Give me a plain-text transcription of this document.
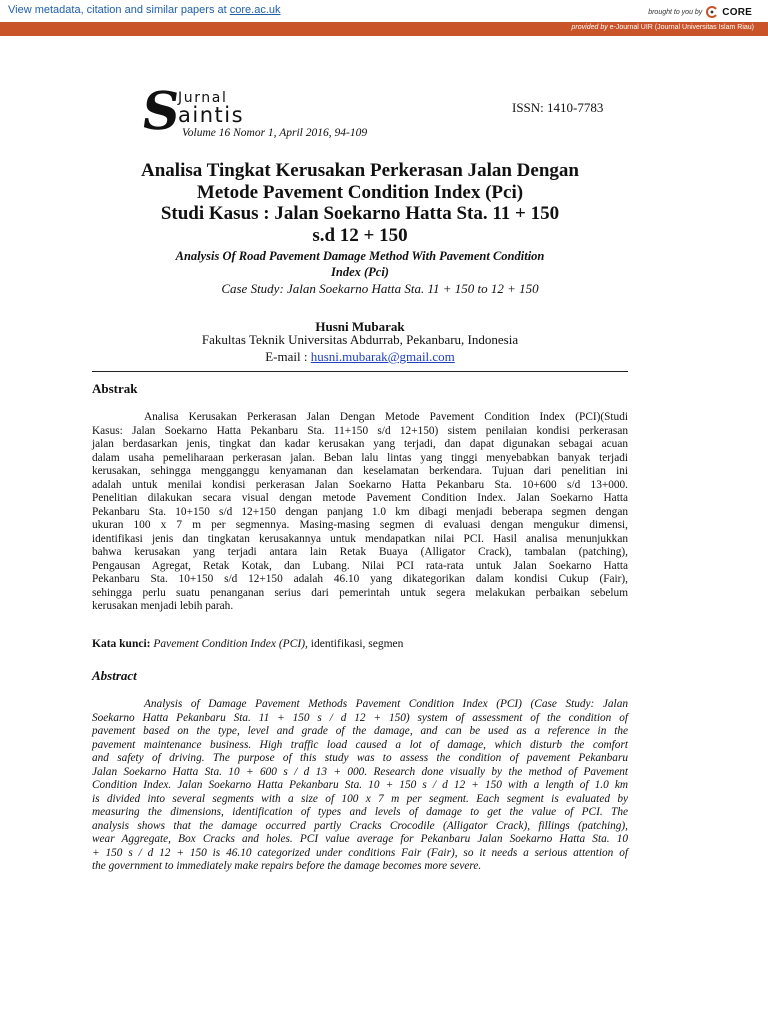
View metadata, citation and similar papers at core.ac.uk	brought to you by CORE
provided by e-Journal UIR (Journal Universitas Islam Riau)
S
Jurnal
aintis
Volume 16 Nomor 1, April 2016, 94-109
ISSN: 1410-7783
Analisa Tingkat Kerusakan Perkerasan Jalan Dengan
Metode Pavement Condition Index (Pci)
Studi Kasus : Jalan Soekarno Hatta Sta. 11 + 150
s.d 12 + 150
Analysis Of Road Pavement Damage Method With Pavement Condition
Index (Pci)
Case Study: Jalan Soekarno Hatta Sta. 11 + 150 to 12 + 150
Husni Mubarak
Fakultas Teknik Universitas Abdurrab, Pekanbaru, Indonesia
E-mail : husni.mubarak@gmail.com
Abstrak
Analisa Kerusakan Perkerasan Jalan Dengan Metode Pavement Condition Index (PCI)(Studi
Kasus: Jalan Soekarno Hatta Pekanbaru Sta. 11+150 s/d 12+150) sistem penilaian kondisi perkerasan
jalan berdasarkan jenis, tingkat dan kadar kerusakan yang terjadi, dan dapat digunakan sebagai acuan
dalam usaha pemeliharaan perkerasan jalan. Beban lalu lintas yang tinggi menyebabkan banyak terjadi
kerusakan, sehingga mengganggu kenyamanan dan keselamatan berkendara. Tujuan dari penelitian ini
adalah untuk menilai kondisi perkerasan Jalan Soekarno Hatta Pekanbaru Sta. 10+600 s/d 13+000.
Penelitian dilakukan secara visual dengan metode Pavement Condition Index. Jalan Soekarno Hatta
Pekanbaru Sta. 10+150 s/d 12+150 dengan panjang 1.0 km dibagi menjadi beberapa segmen dengan
ukuran 100 x 7 m per segmennya. Masing-masing segmen di evaluasi dengan mengukur dimensi,
identifikasi jenis dan tingkatan kerusakannya untuk mendapatkan nilai PCI. Hasil analisa menunjukkan
bahwa kerusakan yang terjadi antara lain Retak Buaya (Alligator Crack), tambalan (patching),
Pengausan Agregat, Retak Kotak, dan Lubang. Nilai PCI rata-rata untuk Jalan Soekarno Hatta
Pekanbaru Sta. 10+150 s/d 12+150 adalah 46.10 yang dikategorikan dalam kondisi Cukup (Fair),
sehingga perlu suatu penanganan serius dari pemerintah untuk segera melakukan perbaikan sebelum
kerusakan menjadi lebih parah.
Kata kunci: Pavement Condition Index (PCI), identifikasi, segmen
Abstract
Analysis of Damage Pavement Methods Pavement Condition Index (PCI) (Case Study: Jalan
Soekarno Hatta Pekanbaru Sta. 11 + 150 s / d 12 + 150) system of assessment of the condition of
pavement based on the type, level and grade of the damage, and can be used as a reference in the
pavement maintenance business. High traffic load caused a lot of damage, which disturb the comfort
and safety of driving. The purpose of this study was to assess the condition of pavement Pekanbaru
Jalan Soekarno Hatta Sta. 10 + 600 s / d 13 + 000. Research done visually by the method of Pavement
Condition Index. Jalan Soekarno Hatta Pekanbaru Sta. 10 + 150 s / d 12 + 150 with a length of 1.0 km
is divided into several segments with a size of 100 x 7 m per segment. Each segment is evaluated by
measuring the dimensions, identification of types and levels of damage to get the value of PCI. The
analysis shows that the damage occurred partly Cracks Crocodile (Alligator Crack), fillings (patching),
wear Aggregate, Box Cracks and holes. PCI value average for Pekanbaru Jalan Soekarno Hatta Sta. 10
+ 150 s / d 12 + 150 is 46.10 categorized under conditions Fair (Fair), so it needs a serious attention of
the government to immediately make repairs before the damage becomes more severe.
